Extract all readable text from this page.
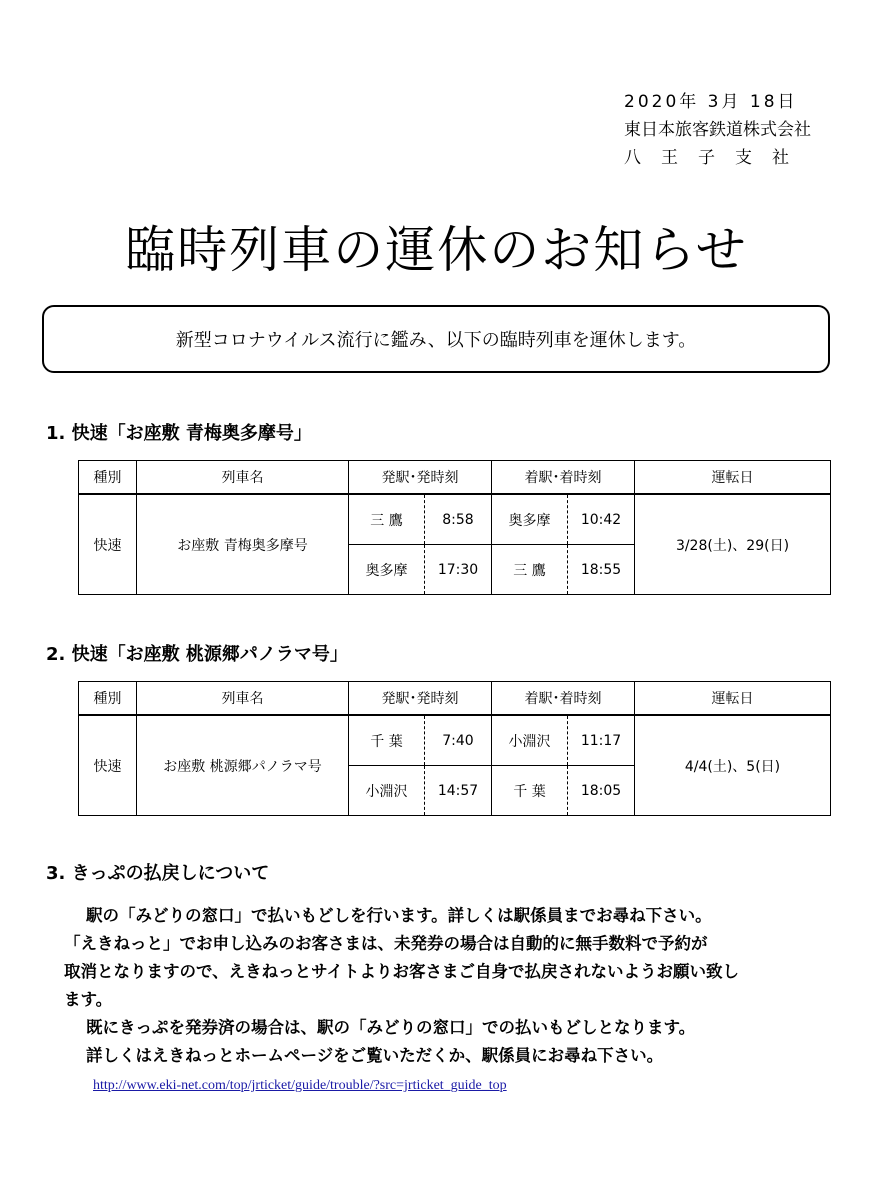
2020年 3月 18日
東日本旅客鉄道株式会社
八王子支社
臨時列車の運休のお知らせ
新型コロナウイルス流行に鑑み、以下の臨時列車を運休します。
1. 快速「お座敷 青梅奥多摩号」
種別	列車名	発駅･発時刻		着駅･着時刻		運転日
快速	お座敷 青梅奥多摩号	三 鷹	8:58	奥多摩	10:42	3/28(土)、29(日)
		奥多摩	17:30	三 鷹	18:55	
2. 快速「お座敷 桃源郷パノラマ号」
種別	列車名	発駅･発時刻		着駅･着時刻		運転日
快速	お座敷 桃源郷パノラマ号	千 葉	7:40	小淵沢	11:17	4/4(土)、5(日)
		小淵沢	14:57	千 葉	18:05	
3. きっぷの払戻しについて

駅の「みどりの窓口」で払いもどしを行います。詳しくは駅係員までお尋ね下さい。

「えきねっと」でお申し込みのお客さまは、未発券の場合は自動的に無手数料で予約が

取消となりますので、えきねっとサイトよりお客さまご自身で払戻されないようお願い致し

ます。

既にきっぷを発券済の場合は、駅の「みどりの窓口」での払いもどしとなります。

詳しくはえきねっとホームページをご覧いただくか、駅係員にお尋ね下さい。

http://www.eki-net.com/top/jrticket/guide/trouble/?src=jrticket_guide_top
